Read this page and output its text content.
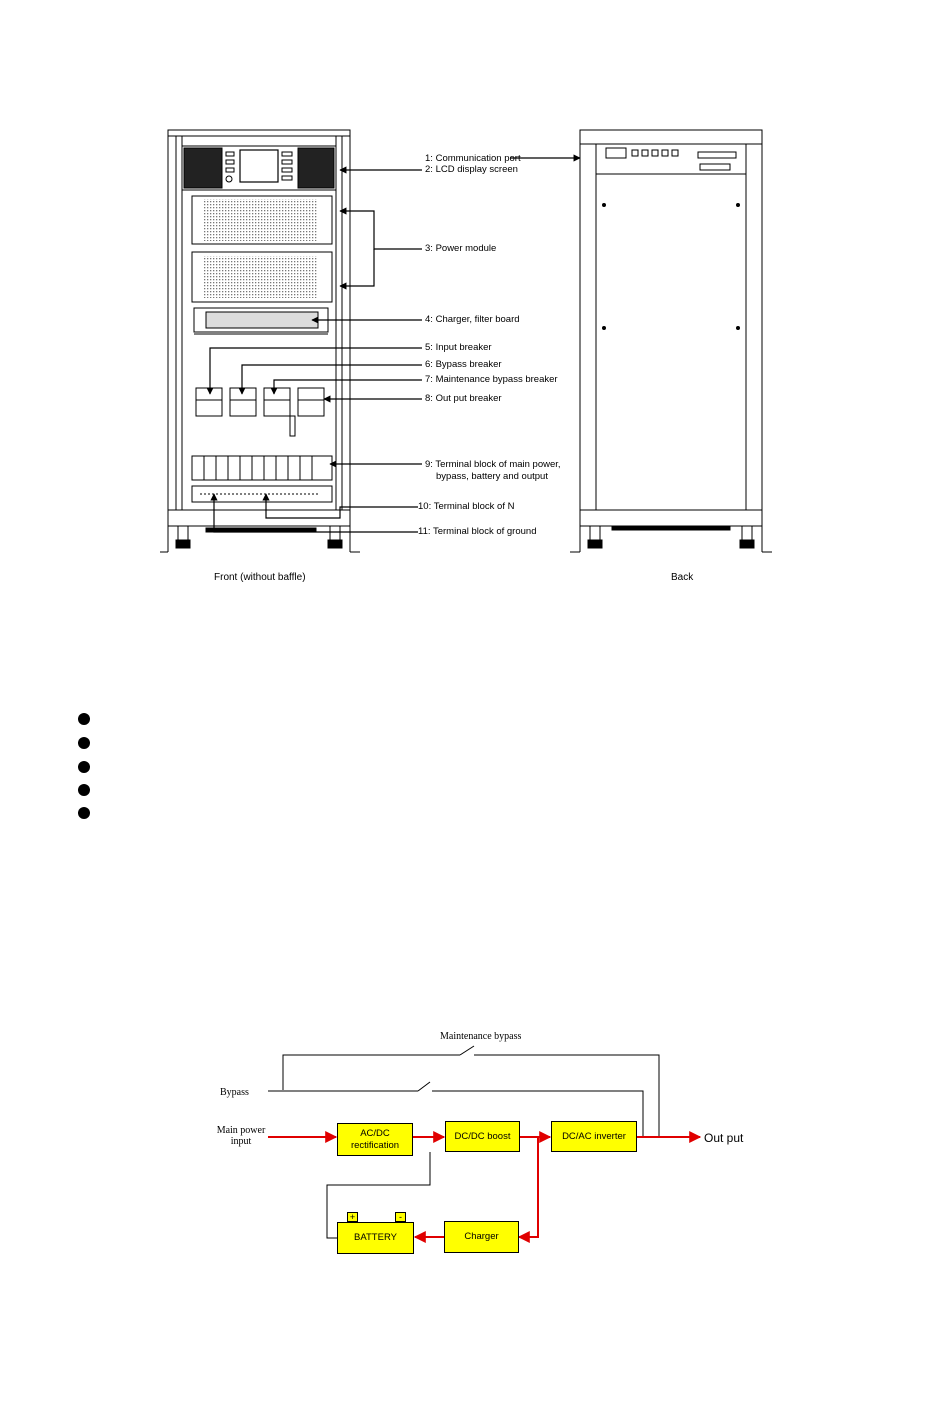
1: Communication port
2: LCD display screen
3: Power module
4: Charger, filter board
5: Input breaker
6: Bypass breaker
7: Maintenance bypass breaker
8: Out put breaker
9: Terminal block of main power,
bypass, battery and output
10: Terminal block of N
11: Terminal block of ground
Front (without baffle)	Back
Maintenance bypass
Bypass
Main power
input
AC/DC
rectification
DC/DC boost	DC/AC inverter	Out put
BATTERY
+	-
Charger
